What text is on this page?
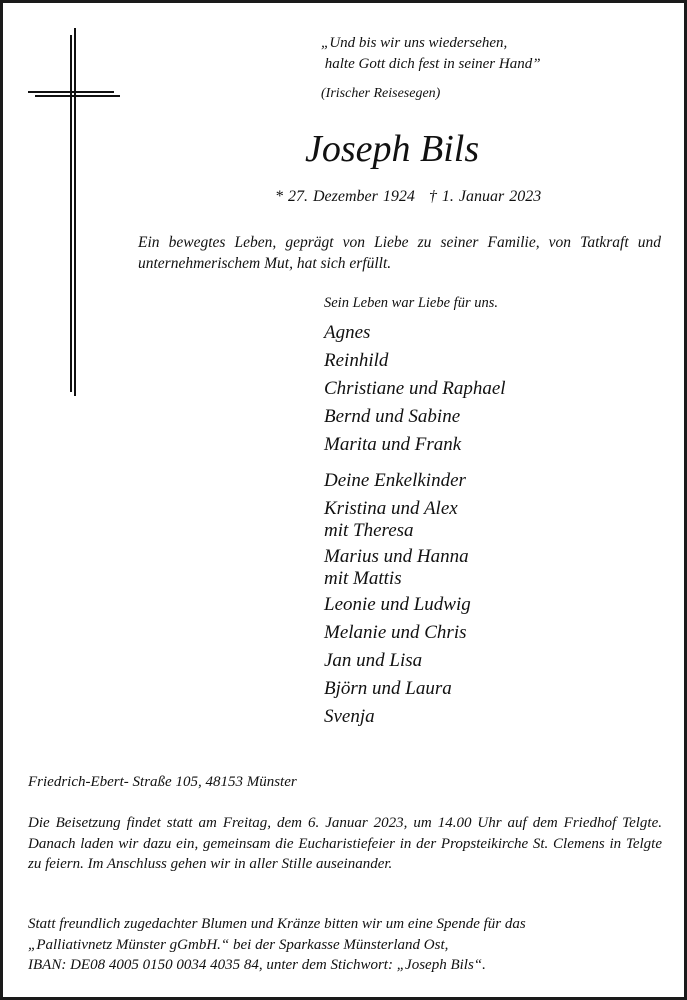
„Und bis wir uns wiedersehen,
halte Gott dich fest in seiner Hand”
(Irischer Reisesegen)
Joseph Bils
* 27. Dezember 1924 † 1. Januar 2023
Ein bewegtes Leben, geprägt von Liebe zu seiner Familie, von Tatkraft und unternehmerischem Mut, hat sich erfüllt.
Sein Leben war Liebe für uns.
Agnes
Reinhild
Christiane und Raphael
Bernd und Sabine
Marita und Frank
Deine Enkelkinder
Kristina und Alex
mit Theresa
Marius und Hanna
mit Mattis
Leonie und Ludwig
Melanie und Chris
Jan und Lisa
Björn und Laura
Svenja
Friedrich-Ebert- Straße 105, 48153 Münster
Die Beisetzung findet statt am Freitag, dem 6. Januar 2023, um 14.00 Uhr auf dem Friedhof Telgte. Danach laden wir dazu ein, gemeinsam die Eucharistiefeier in der Propsteikirche St. Clemens in Telgte zu feiern. Im Anschluss gehen wir in aller Stille auseinander.
Statt freundlich zugedachter Blumen und Kränze bitten wir um eine Spende für das
„Palliativnetz Münster gGmbH.“ bei der Sparkasse Münsterland Ost,
IBAN: DE08 4005 0150 0034 4035 84, unter dem Stichwort: „Joseph Bils“.
